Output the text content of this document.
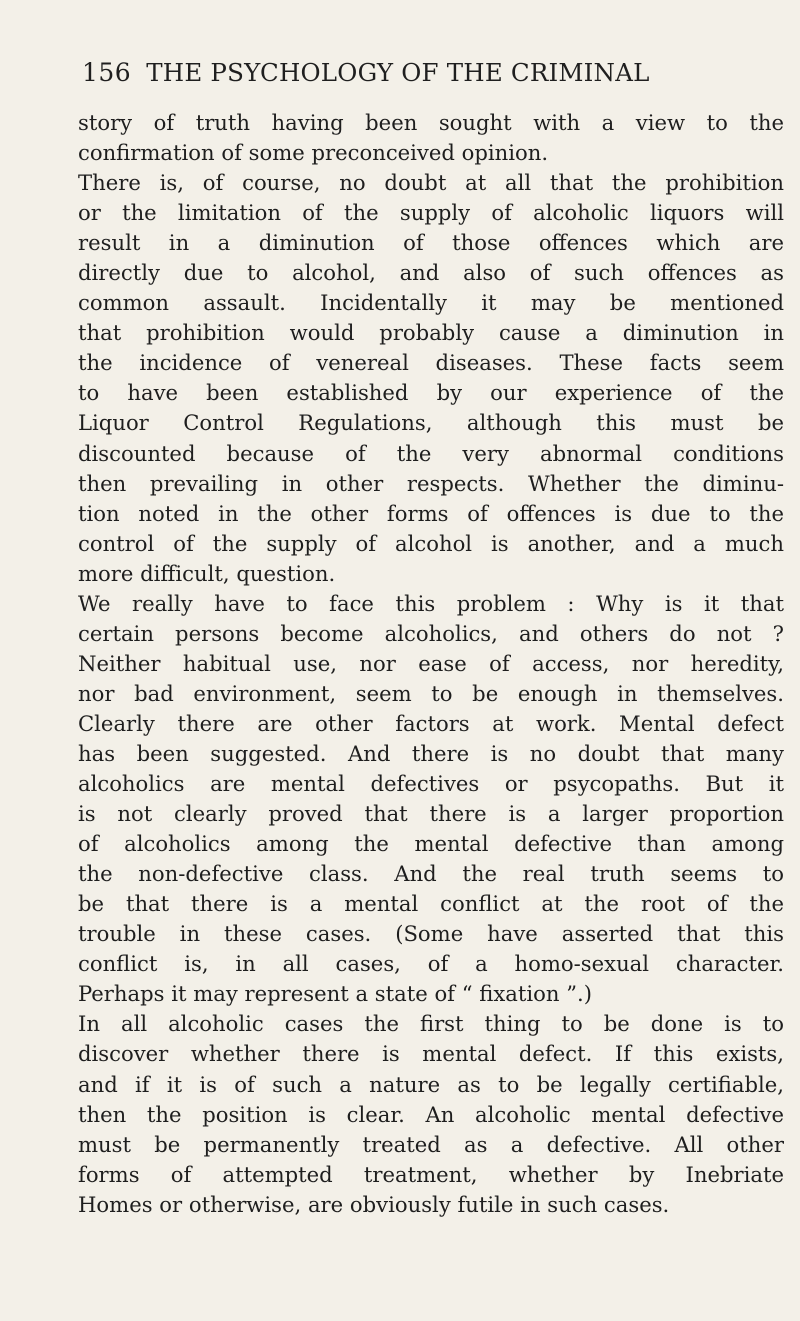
156 THE PSYCHOLOGY OF THE CRIMINAL
story of truth having been sought with a view to the
confirmation of some preconceived opinion.
There is, of course, no doubt at all that the prohibition
or the limitation of the supply of alcoholic liquors will
result in a diminution of those offences which are
directly due to alcohol, and also of such offences as
common assault. Incidentally it may be mentioned
that prohibition would probably cause a diminution in
the incidence of venereal diseases. These facts seem
to have been established by our experience of the
Liquor Control Regulations, although this must be
discounted because of the very abnormal conditions
then prevailing in other respects. Whether the diminu-
tion noted in the other forms of offences is due to the
control of the supply of alcohol is another, and a much
more difficult, question.
We really have to face this problem : Why is it that
certain persons become alcoholics, and others do not ?
Neither habitual use, nor ease of access, nor heredity,
nor bad environment, seem to be enough in themselves.
Clearly there are other factors at work. Mental defect
has been suggested. And there is no doubt that many
alcoholics are mental defectives or psycopaths. But it
is not clearly proved that there is a larger proportion
of alcoholics among the mental defective than among
the non-defective class. And the real truth seems to
be that there is a mental conflict at the root of the
trouble in these cases. (Some have asserted that this
conflict is, in all cases, of a homo-sexual character.
Perhaps it may represent a state of “ fixation ”.)
In all alcoholic cases the first thing to be done is to
discover whether there is mental defect. If this exists,
and if it is of such a nature as to be legally certifiable,
then the position is clear. An alcoholic mental defective
must be permanently treated as a defective. All other
forms of attempted treatment, whether by Inebriate
Homes or otherwise, are obviously futile in such cases.
